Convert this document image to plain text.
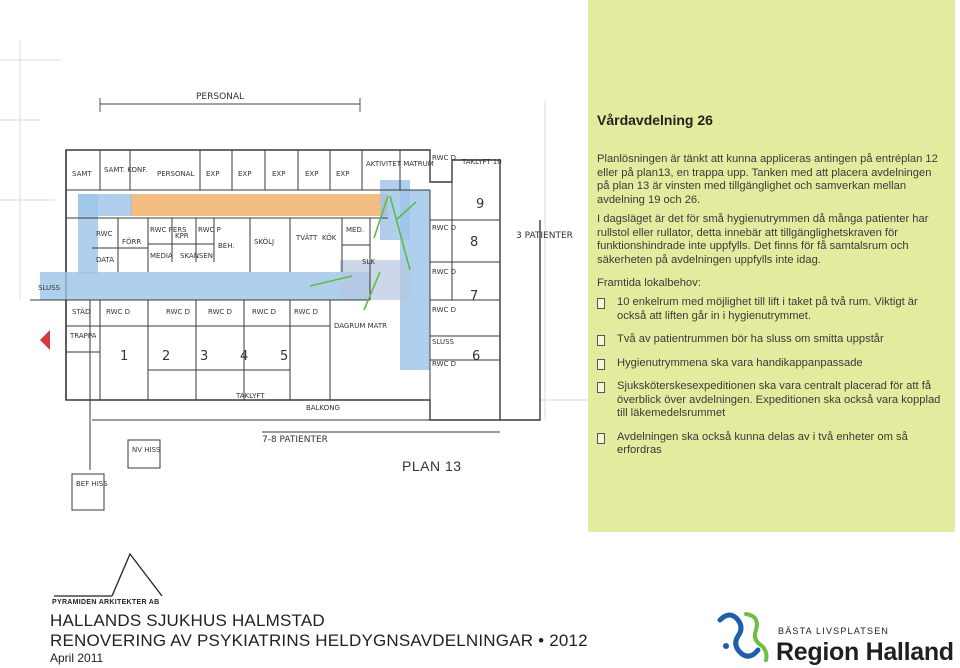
PERSONAL
SAMT SAMT. KONF. PERSONAL EXP	EXP	EXP	EXP	EXP
AKTIVITET MATRUM
RWC D TAKLYFT 10
RWC
FÖRR
RWC PERS
KPR
RWC P
BEH.	SKÖLJ	TVÄTT KÖK
MED.
SLK
DATA	MEDIA SKANSEN
SLUSS
STÄD RWC D
TRAPPA
RWC D	RWC D	RWC D	RWC D
DAGRUM MATR
RWC D
RWC D
RWC D
SLUSS
RWC D
1	2 3 4 5	6
7
8
9
3 PATIENTER
7-8 PATIENTER
TAKLYFT
BALKONG
NV HISS
BEF HISS
PLAN 13
Vårdavdelning 26
Planlösningen är tänkt att kunna appliceras antingen på entréplan 12 eller på plan13, en trappa upp. Tanken med att placera avdelningen på plan 13 är vinsten med tillgänglighet och samverkan mellan avdelning 19 och 26.
I dagsläget är det för små hygienutrymmen då många patienter har rullstol eller rullator, detta innebär att tillgänglighetskraven för funktionshindrade inte uppfylls. Det finns för få samtalsrum och säkerheten på avdelningen uppfylls inte idag.
Framtida lokalbehov:
10 enkelrum med möjlighet till lift i taket på två rum. Viktigt är också att liften går in i hygienutrymmet.
Två av patientrummen bör ha sluss om smitta uppstår
Hygienutrymmena ska vara handikappanpassade
Sjuksköterskesexpeditionen ska vara centralt placerad för att få överblick över avdelningen. Expeditionen ska också vara kopplad till läkemedelsrummet
Avdelningen ska också kunna delas av i två enheter om så erfordras
PYRAMIDEN ARKITEKTER AB
HALLANDS SJUKHUS HALMSTAD
RENOVERING AV PSYKIATRINS HELDYGNSAVDELNINGAR • 2012
April 2011
BÄSTA LIVSPLATSEN
Region Halland
